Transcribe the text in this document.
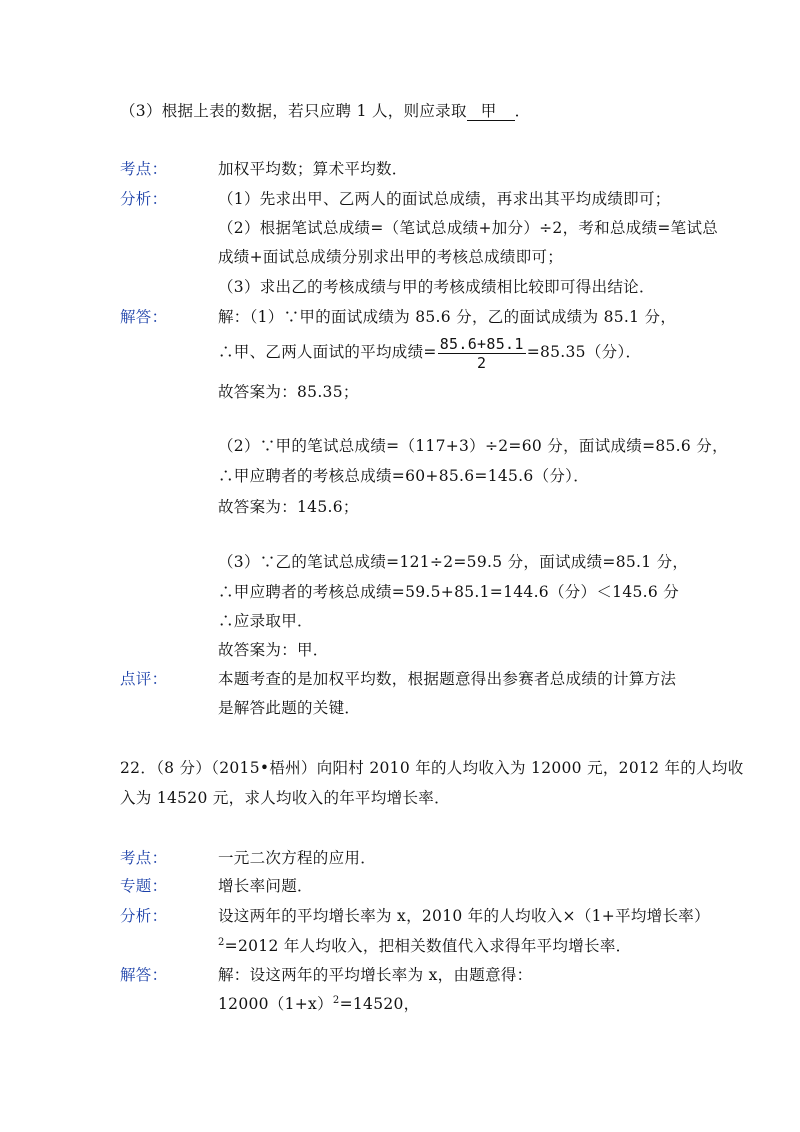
（3）根据上表的数据，若只应聘 1 人，则应录取 甲 ．
考点：	加权平均数；算术平均数．
分析：	（1）先求出甲、乙两人的面试总成绩，再求出其平均成绩即可；
（2）根据笔试总成绩=（笔试总成绩+加分）÷2，考和总成绩=笔试总
成绩+面试总成绩分别求出甲的考核总成绩即可；
（3）求出乙的考核成绩与甲的考核成绩相比较即可得出结论．
解答：	解：（1）∵甲的面试成绩为 85.6 分，乙的面试成绩为 85.1 分，
∴甲、乙两人面试的平均成绩= $\frac{85.6+85.1}{2} =85.35$（分）．
故答案为：85.35；
（2）∵甲的笔试总成绩=（117+3）÷2=60 分，面试成绩=85.6 分，
∴甲应聘者的考核总成绩=60+85.6=145.6（分）．
故答案为：145.6；
（3）∵乙的笔试总成绩=121÷2=59.5 分，面试成绩=85.1 分，
∴甲应聘者的考核总成绩=59.5+85.1=144.6（分）＜145.6 分
∴应录取甲．
故答案为：甲．
点评：	本题考查的是加权平均数，根据题意得出参赛者总成绩的计算方法
是解答此题的关键．
22．（8 分）（2015•梧州）向阳村 2010 年的人均收入为 12000 元，2012 年的人均收
入为 14520 元，求人均收入的年平均增长率．
考点：	一元二次方程的应用．
专题：	增长率问题．
分析：	设这两年的平均增长率为 x，2010 年的人均收入×（1+平均增长率）
$^2$=2012 年人均收入，把相关数值代入求得年平均增长率．
解答：	解：设这两年的平均增长率为 x，由题意得：
$12000(1+x)^2=14520$，
